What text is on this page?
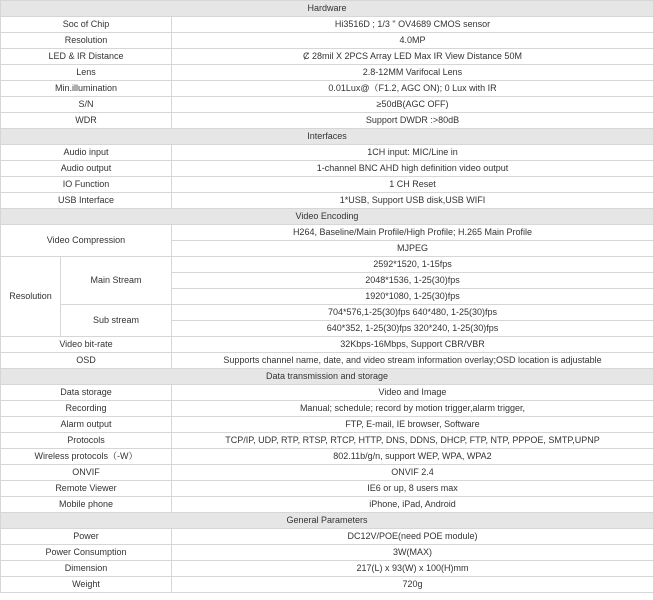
Hardware		
Soc of Chip		Hi3516D ; 1/3 " OV4689 CMOS sensor
Resolution		4.0MP
LED & IR Distance		Ȼ 28mil X 2PCS Array LED Max IR View Distance 50M
Lens		2.8-12MM Varifocal Lens
Min.illumination		0.01Lux@（F1.2, AGC ON); 0 Lux with IR
S/N		≥50dB(AGC OFF)
WDR		Support DWDR :>80dB
Interfaces		
Audio input		1CH input: MIC/Line in
Audio output		1-channel BNC AHD high definition video output
IO Function		1 CH Reset
USB Interface		1*USB, Support USB disk,USB WIFI
Video Encoding		
Video Compression		H264, Baseline/Main Profile/High Profile; H.265 Main Profile
		MJPEG
Resolution	Main Stream	2592*1520, 1-15fps
		2048*1536, 1-25(30)fps
		1920*1080, 1-25(30)fps
	Sub stream	704*576,1-25(30)fps 640*480, 1-25(30)fps
		640*352, 1-25(30)fps 320*240, 1-25(30)fps
Video bit-rate		32Kbps-16Mbps, Support CBR/VBR
OSD		Supports channel name, date, and video stream information overlay;OSD location is adjustable
Data transmission and storage		
Data storage		Video and Image
Recording		Manual; schedule; record by motion trigger,alarm trigger,
Alarm output		FTP, E-mail, IE browser, Software
Protocols		TCP/IP, UDP, RTP, RTSP, RTCP, HTTP, DNS, DDNS, DHCP, FTP, NTP, PPPOE, SMTP,UPNP
Wireless protocols（-W）		802.11b/g/n, support WEP, WPA, WPA2
ONVIF		ONVIF 2.4
Remote Viewer		IE6 or up, 8 users max
Mobile phone		iPhone, iPad, Android
General Parameters		
Power		DC12V/POE(need POE module)
Power Consumption		3W(MAX)
Dimension		217(L) x 93(W) x 100(H)mm
Weight		720g
